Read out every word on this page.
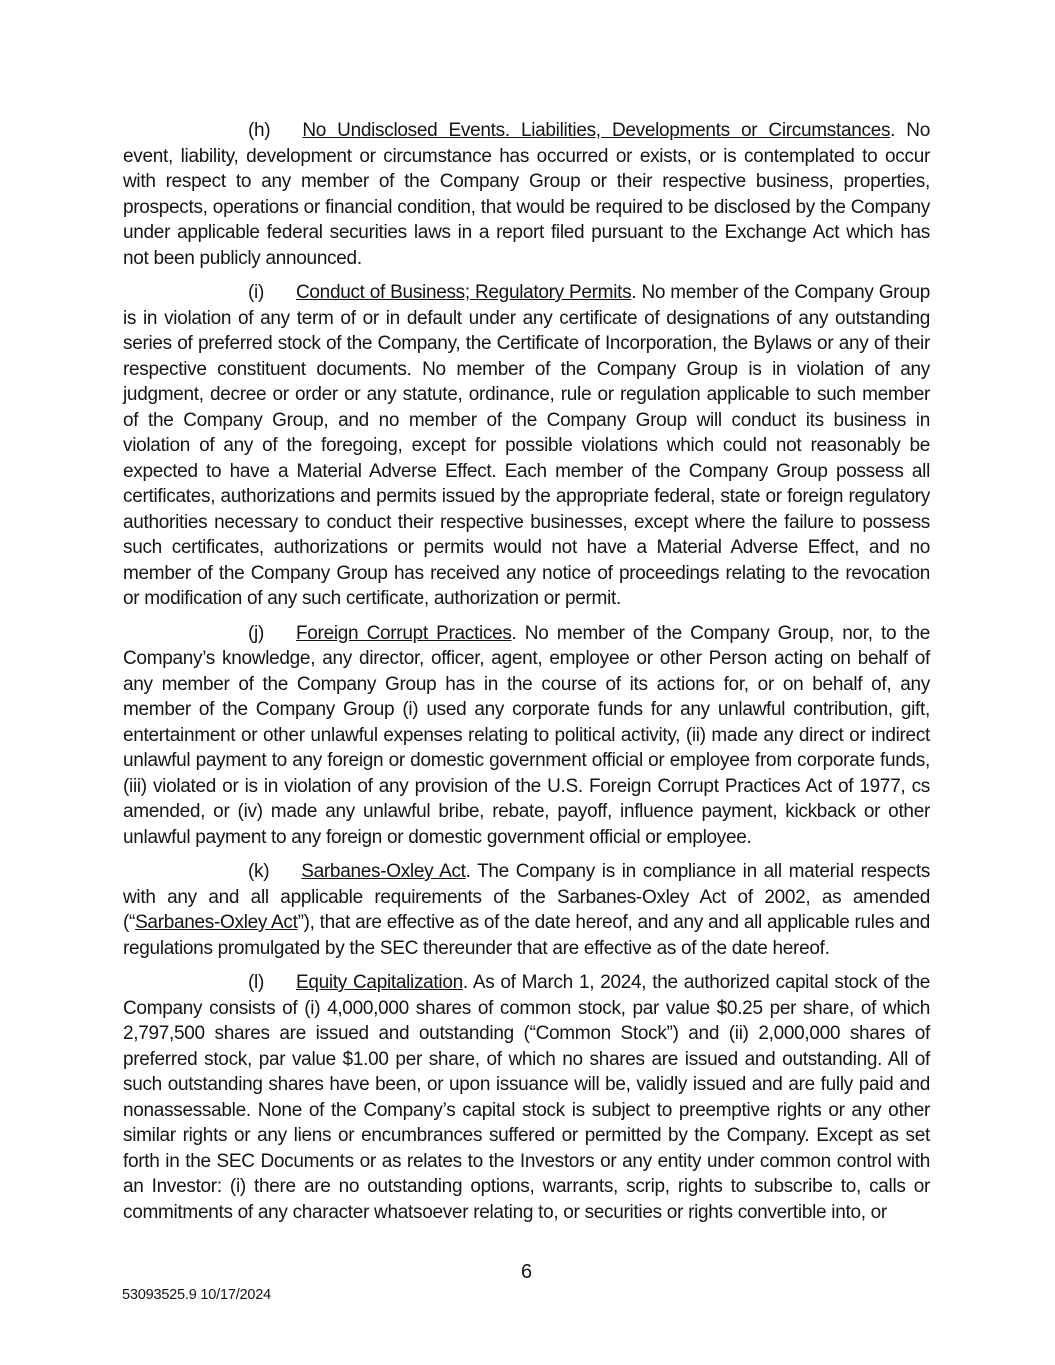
(h) No Undisclosed Events. Liabilities, Developments or Circumstances. No event, liability, development or circumstance has occurred or exists, or is contemplated to occur with respect to any member of the Company Group or their respective business, properties, prospects, operations or financial condition, that would be required to be disclosed by the Company under applicable federal securities laws in a report filed pursuant to the Exchange Act which has not been publicly announced.

(i) Conduct of Business; Regulatory Permits. No member of the Company Group is in violation of any term of or in default under any certificate of designations of any outstanding series of preferred stock of the Company, the Certificate of Incorporation, the Bylaws or any of their respective constituent documents. No member of the Company Group is in violation of any judgment, decree or order or any statute, ordinance, rule or regulation applicable to such member of the Company Group, and no member of the Company Group will conduct its business in violation of any of the foregoing, except for possible violations which could not reasonably be expected to have a Material Adverse Effect. Each member of the Company Group possess all certificates, authorizations and permits issued by the appropriate federal, state or foreign regulatory authorities necessary to conduct their respective businesses, except where the failure to possess such certificates, authorizations or permits would not have a Material Adverse Effect, and no member of the Company Group has received any notice of proceedings relating to the revocation or modification of any such certificate, authorization or permit.

(j) Foreign Corrupt Practices. No member of the Company Group, nor, to the Company’s knowledge, any director, officer, agent, employee or other Person acting on behalf of any member of the Company Group has in the course of its actions for, or on behalf of, any member of the Company Group (i) used any corporate funds for any unlawful contribution, gift, entertainment or other unlawful expenses relating to political activity, (ii) made any direct or indirect unlawful payment to any foreign or domestic government official or employee from corporate funds, (iii) violated or is in violation of any provision of the U.S. Foreign Corrupt Practices Act of 1977, cs amended, or (iv) made any unlawful bribe, rebate, payoff, influence payment, kickback or other unlawful payment to any foreign or domestic government official or employee.

(k) Sarbanes-Oxley Act. The Company is in compliance in all material respects with any and all applicable requirements of the Sarbanes-Oxley Act of 2002, as amended (“Sarbanes-Oxley Act”), that are effective as of the date hereof, and any and all applicable rules and regulations promulgated by the SEC thereunder that are effective as of the date hereof.

(l) Equity Capitalization. As of March 1, 2024, the authorized capital stock of the Company consists of (i) 4,000,000 shares of common stock, par value $0.25 per share, of which 2,797,500 shares are issued and outstanding (“Common Stock”) and (ii) 2,000,000 shares of preferred stock, par value $1.00 per share, of which no shares are issued and outstanding. All of such outstanding shares have been, or upon issuance will be, validly issued and are fully paid and nonassessable. None of the Company’s capital stock is subject to preemptive rights or any other similar rights or any liens or encumbrances suffered or permitted by the Company. Except as set forth in the SEC Documents or as relates to the Investors or any entity under common control with an Investor: (i) there are no outstanding options, warrants, scrip, rights to subscribe to, calls or commitments of any character whatsoever relating to, or securities or rights convertible into, or

6
53093525.9 10/17/2024
